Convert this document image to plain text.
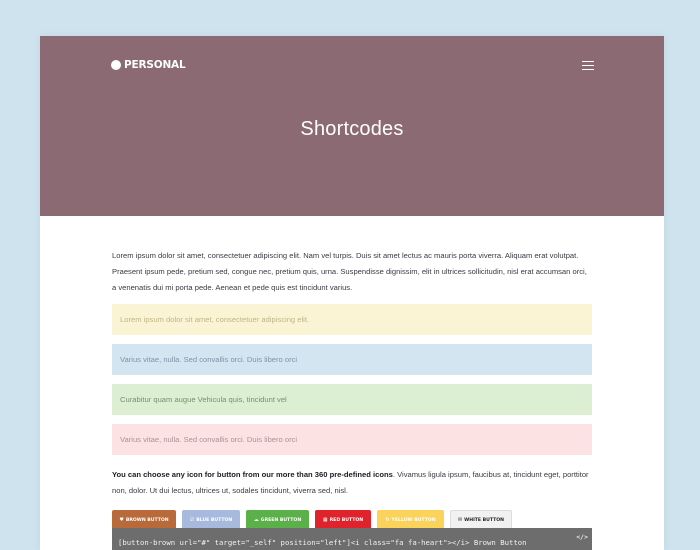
PERSONAL
Shortcodes

Lorem ipsum dolor sit amet, consectetuer adipiscing elit. Nam vel turpis. Duis sit amet lectus ac mauris porta viverra. Aliquam erat volutpat. Praesent ipsum pede, pretium sed, congue nec, pretium quis, urna. Suspendisse dignissim, elit in ultrices sollicitudin, nisl erat accumsan orci, a venenatis dui mi porta pede. Aenean et pede quis est tincidunt varius.

Lorem ipsum dolor sit amet, consectetuer adipiscing elit.
Varius vitae, nulla. Sed convallis orci. Duis libero orci
Curabitur quam augue Vehicula quis, tincidunt vel
Varius vitae, nulla. Sed convallis orci. Duis libero orci

You can choose any icon for button from our more than 360 pre-defined icons. Vivamus ligula ipsum, faucibus at, tincidunt eget, porttitor non, dolor. Ut dui lectus, ultrices ut, sodales tincidunt, viverra sed, nisl.

♥ BROWN BUTTON	☑ BLUE BUTTON	☁ GREEN BUTTON	▦ RED BUTTON	↻ YELLOW BUTTON	✉ WHITE BUTTON
[button-brown url="#" target="_self" position="left"]<i class="fa fa-heart"></i> Brown Button
</>
